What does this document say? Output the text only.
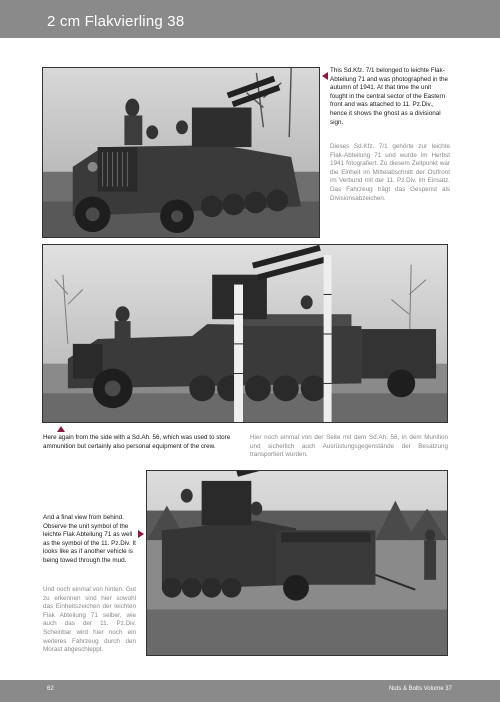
2 cm Flakvierling 38
This Sd.Kfz. 7/1 belonged to leichte Flak-Abteilung 71 and was photographed in the autumn of 1941. At that time the unit fought in the central sector of the Eastern front and was attached to 11. Pz.Div., hence it shows the ghost as a divisional sign.
Dieses Sd.Kfz. 7/1 gehörte zur leichte Flak-Abteilung 71 und wurde im Herbst 1941 fotografiert. Zu diesem Zeitpunkt war die Einheit im Mittelabschnitt der Ostfront im Verbund mit der 11. Pz.Div. im Einsatz. Das Fahrzeug trägt das Gespenst als Divisionsabzeichen.
Here again from the side with a Sd.Ah. 56, which was used to store ammunition but certainly also personal equipment of the crew.
Hier noch einmal von der Seite mit dem Sd.Ah. 56, in dem Munition und sicherlich auch Ausrüstungsgegenstände der Besatzung transportiert wurden.
And a final view from behind. Observe the unit symbol of the leichte Flak Abteilung 71 as well as the symbol of the 11. Pz.Div. It looks like as if another vehicle is being towed through the mud.
Und noch einmal von hinten. Gut zu erkennen sind hier sowohl das Einheitszeichen der leichten Flak Abteilung 71 selber, wie auch das der 11. Pz.Div. Scheinbar wird hier noch ein weiteres Fahrzeug durch den Morast abgeschleppt.
62	Nuts & Bolts Volume 37
